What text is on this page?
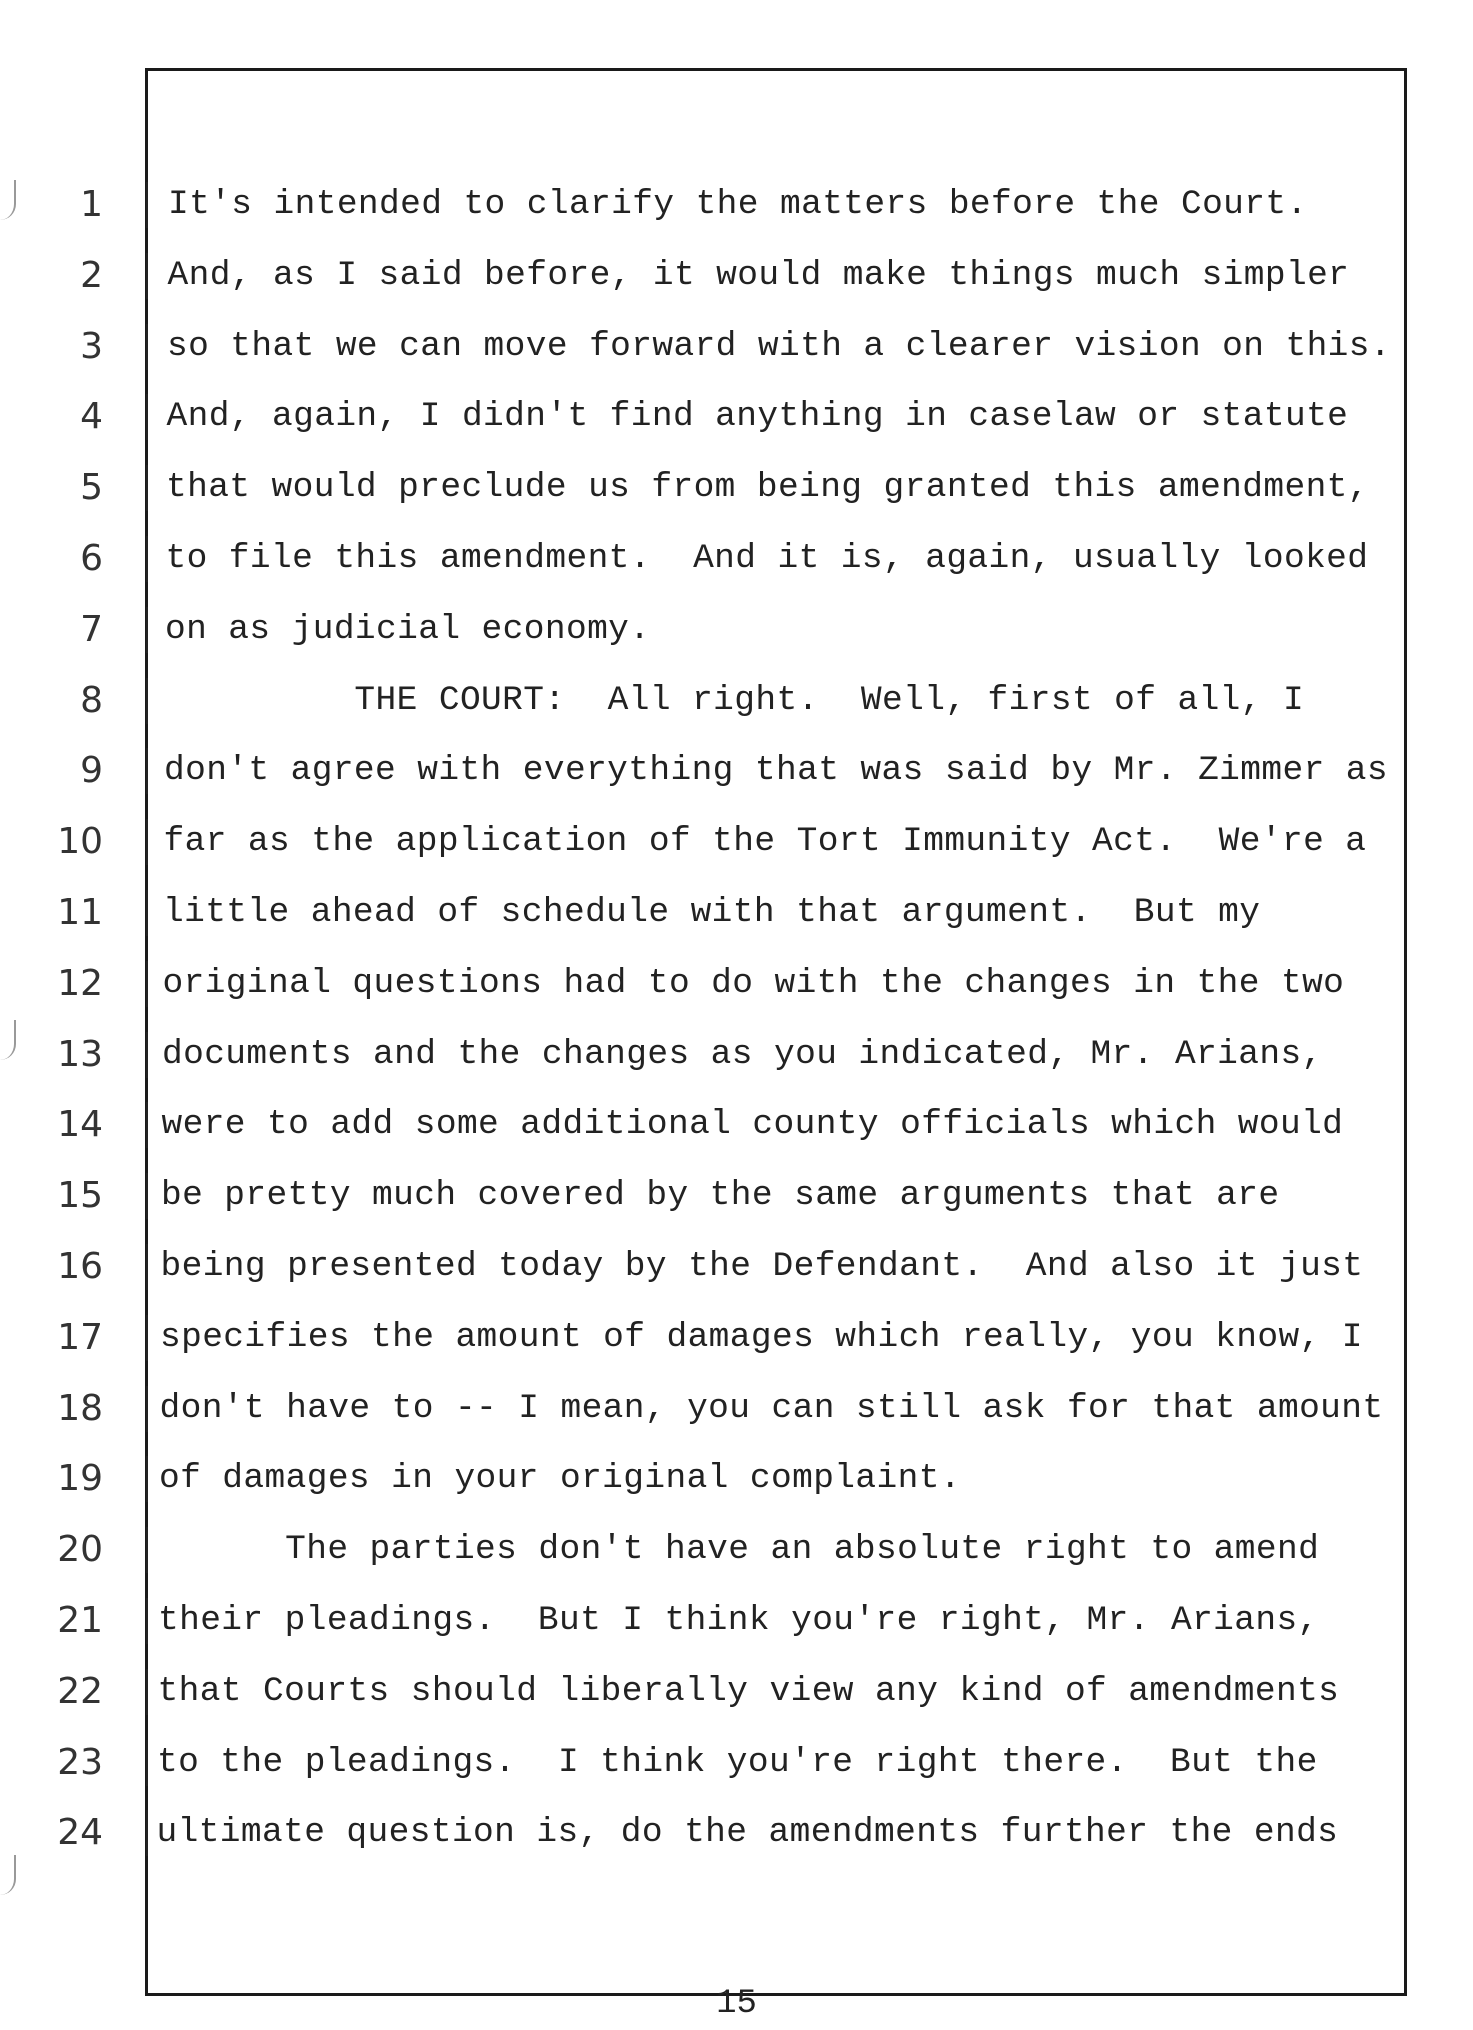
1	It's intended to clarify the matters before the Court.
2	And, as I said before, it would make things much simpler
3	so that we can move forward with a clearer vision on this.
4	And, again, I didn't find anything in caselaw or statute
5	that would preclude us from being granted this amendment,
6	to file this amendment.  And it is, again, usually looked
7	on as judicial economy.
8	THE COURT:  All right.  Well, first of all, I
9	don't agree with everything that was said by Mr. Zimmer as
10	far as the application of the Tort Immunity Act.  We're a
11	little ahead of schedule with that argument.  But my
12	original questions had to do with the changes in the two
13	documents and the changes as you indicated, Mr. Arians,
14	were to add some additional county officials which would
15	be pretty much covered by the same arguments that are
16	being presented today by the Defendant.  And also it just
17	specifies the amount of damages which really, you know, I
18	don't have to -- I mean, you can still ask for that amount
19	of damages in your original complaint.
20	The parties don't have an absolute right to amend
21	their pleadings.  But I think you're right, Mr. Arians,
22	that Courts should liberally view any kind of amendments
23	to the pleadings.  I think you're right there.  But the
24	ultimate question is, do the amendments further the ends
15
